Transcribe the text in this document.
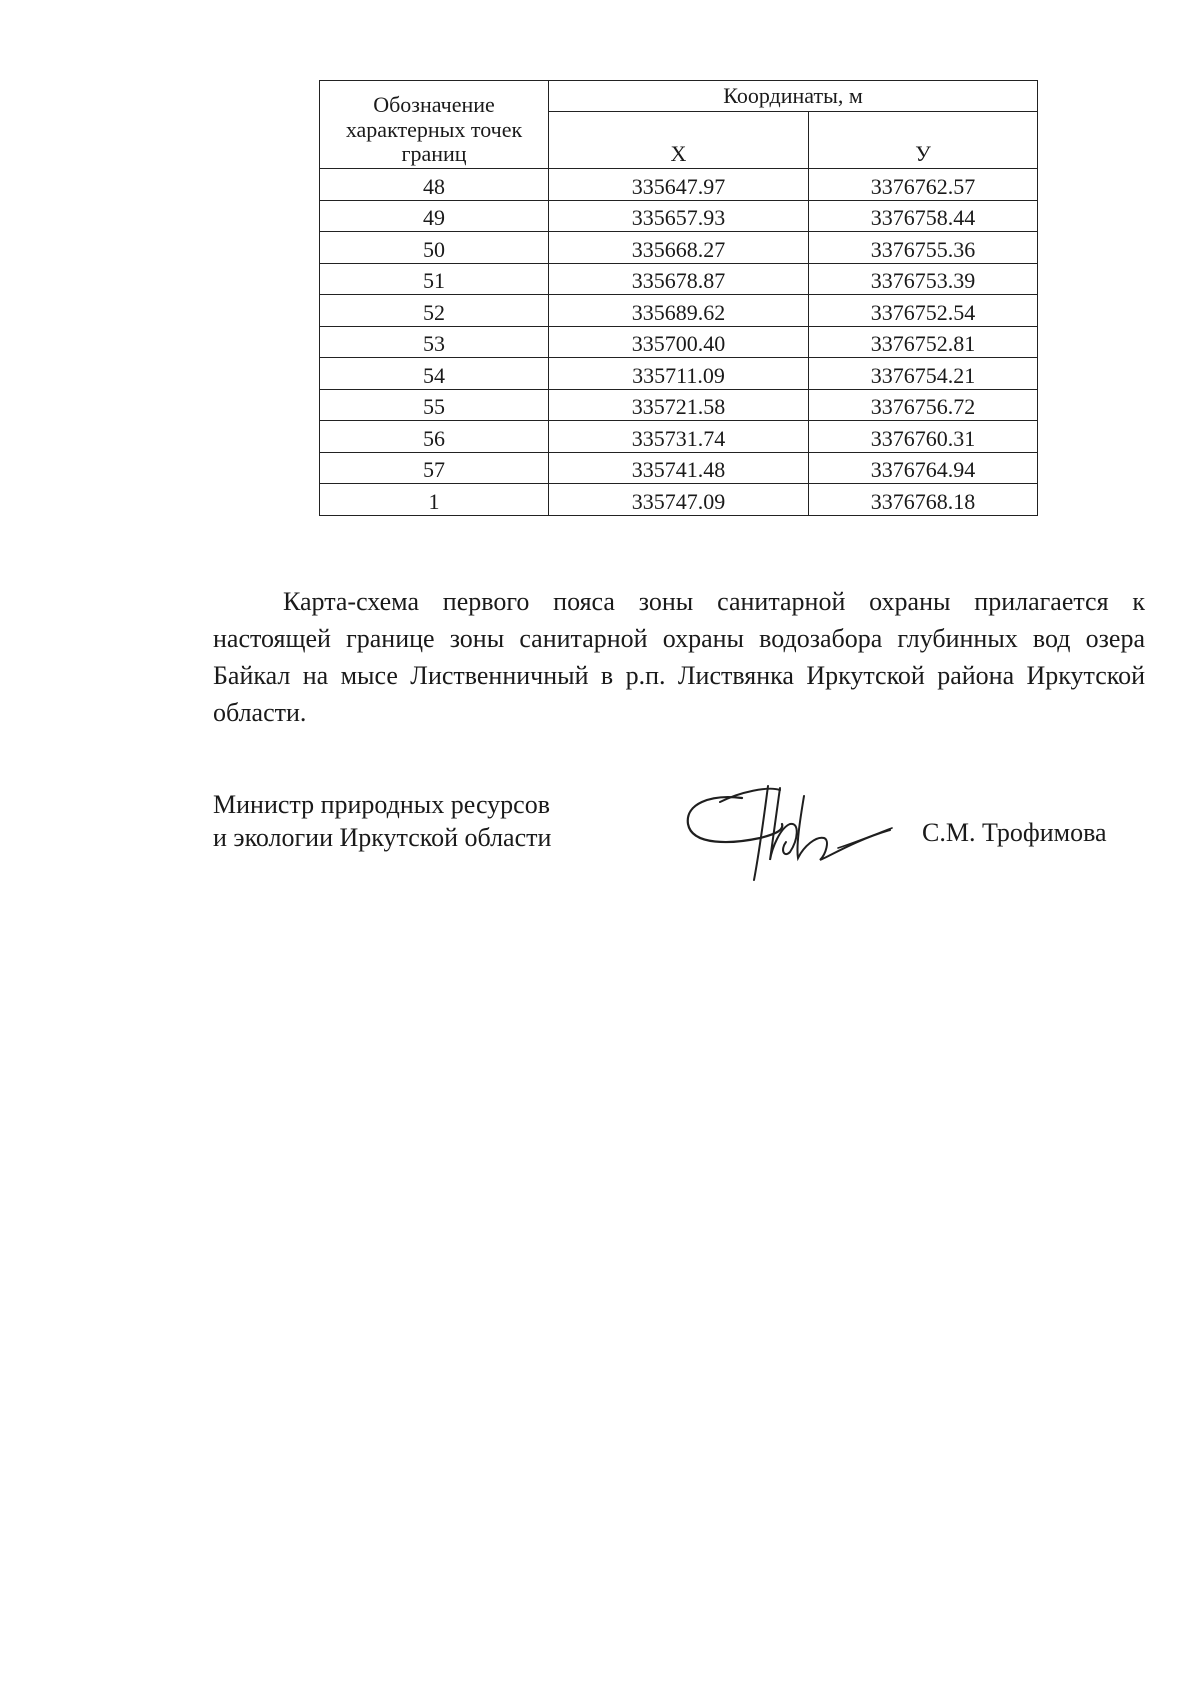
Обозначение характерных точек границ	Координаты, м	
	X	У
48	335647.97	3376762.57
49	335657.93	3376758.44
50	335668.27	3376755.36
51	335678.87	3376753.39
52	335689.62	3376752.54
53	335700.40	3376752.81
54	335711.09	3376754.21
55	335721.58	3376756.72
56	335731.74	3376760.31
57	335741.48	3376764.94
1	335747.09	3376768.18

Карта-схема первого пояса зоны санитарной охраны прилагается к настоящей границе зоны санитарной охраны водозабора глубинных вод озера Байкал на мысе Лиственничный в р.п. Листвянка Иркутской района Иркутской области.

Министр природных ресурсов
и экологии Иркутской области	С.М. Трофимова
